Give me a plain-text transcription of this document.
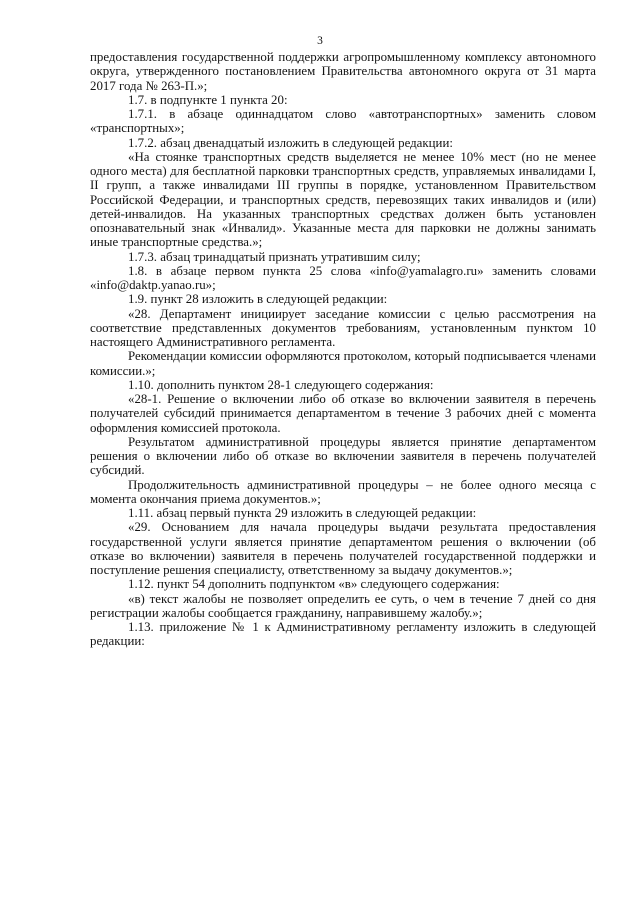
3

предоставления государственной поддержки агропромышленному комплексу автономного округа, утвержденного постановлением Правительства автономного округа от 31 марта 2017 года № 263-П.»;

1.7. в подпункте 1 пункта 20:

1.7.1. в абзаце одиннадцатом слово «автотранспортных» заменить словом «транспортных»;

1.7.2. абзац двенадцатый изложить в следующей редакции:

«На стоянке транспортных средств выделяется не менее 10% мест (но не менее одного места) для бесплатной парковки транспортных средств, управляемых инвалидами I, II групп, а также инвалидами III группы в порядке, установленном Правительством Российской Федерации, и транспортных средств, перевозящих таких инвалидов и (или) детей-инвалидов. На указанных транспортных средствах должен быть установлен опознавательный знак «Инвалид». Указанные места для парковки не должны занимать иные транспортные средства.»;

1.7.3. абзац тринадцатый признать утратившим силу;

1.8. в абзаце первом пункта 25 слова «info@yamalagro.ru» заменить словами «info@daktp.yanao.ru»;

1.9. пункт 28 изложить в следующей редакции:

«28. Департамент инициирует заседание комиссии с целью рассмотрения на соответствие представленных документов требованиям, установленным пунктом 10 настоящего Административного регламента.

Рекомендации комиссии оформляются протоколом, который подписывается членами комиссии.»;

1.10. дополнить пунктом 28-1 следующего содержания:

«28-1. Решение о включении либо об отказе во включении заявителя в перечень получателей субсидий принимается департаментом в течение 3 рабочих дней с момента оформления комиссией протокола.

Результатом административной процедуры является принятие департаментом решения о включении либо об отказе во включении заявителя в перечень получателей субсидий.

Продолжительность административной процедуры – не более одного месяца с момента окончания приема документов.»;

1.11. абзац первый пункта 29 изложить в следующей редакции:

«29. Основанием для начала процедуры выдачи результата предоставления государственной услуги является принятие департаментом решения о включении (об отказе во включении) заявителя в перечень получателей государственной поддержки и поступление решения специалисту, ответственному за выдачу документов.»;

1.12. пункт 54 дополнить подпунктом «в» следующего содержания:

«в) текст жалобы не позволяет определить ее суть, о чем в течение 7 дней со дня регистрации жалобы сообщается гражданину, направившему жалобу.»;

1.13. приложение № 1 к Административному регламенту изложить в следующей редакции:
